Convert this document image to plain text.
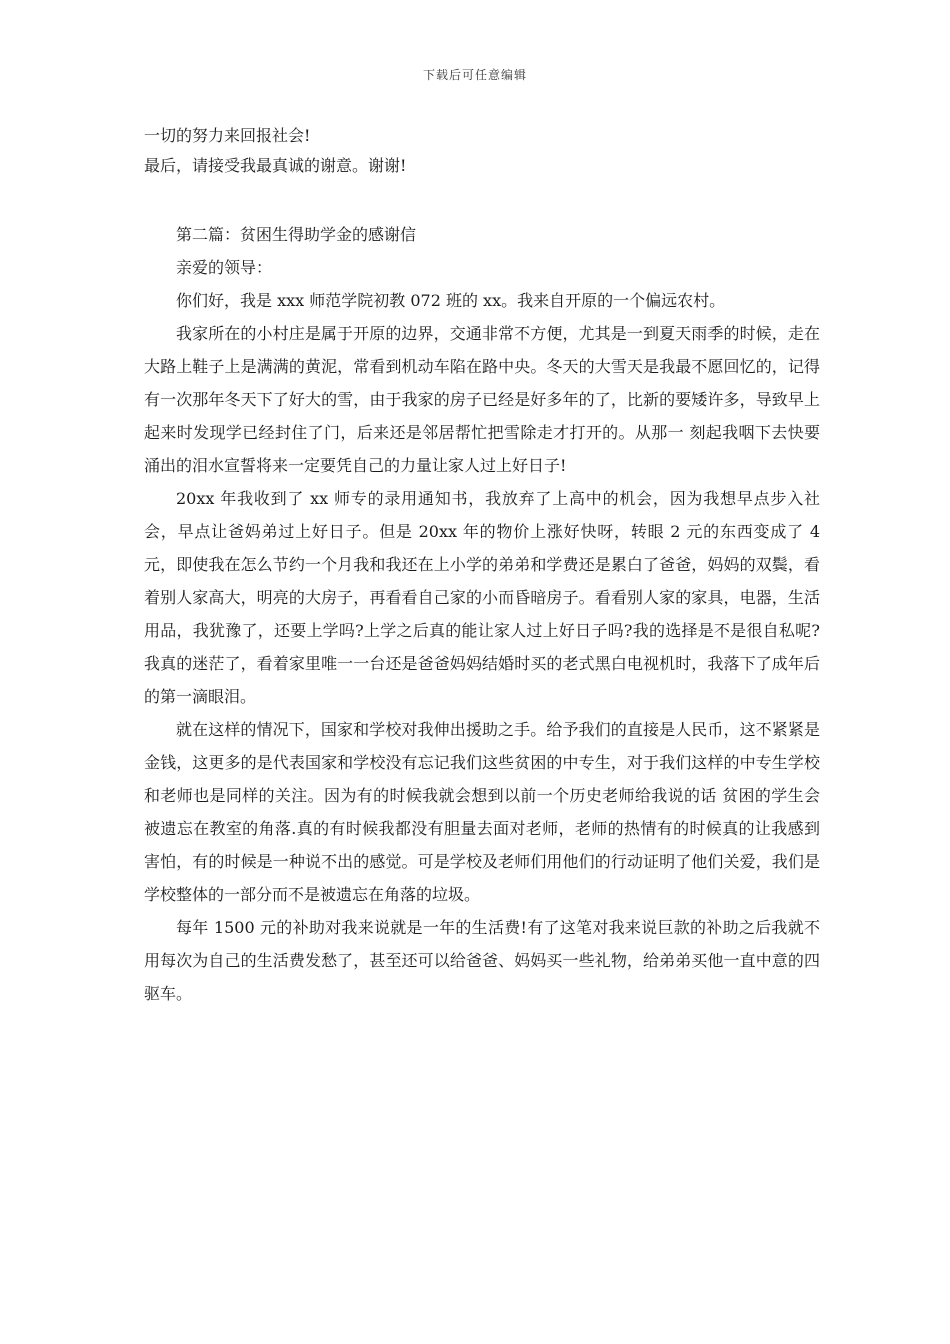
下载后可任意编辑

一切的努力来回报社会!

最后，请接受我最真诚的谢意。谢谢!

第二篇：贫困生得助学金的感谢信

亲爱的领导：

你们好，我是 xxx 师范学院初教 072 班的 xx。我来自开原的一个偏远农村。

我家所在的小村庄是属于开原的边界，交通非常不方便，尤其是一到夏天雨季的时候，走在大路上鞋子上是满满的黄泥，常看到机动车陷在路中央。冬天的大雪天是我最不愿回忆的，记得有一次那年冬天下了好大的雪，由于我家的房子已经是好多年的了，比新的要矮许多，导致早上起来时发现学已经封住了门，后来还是邻居帮忙把雪除走才打开的。从那一 刻起我咽下去快要涌出的泪水宣誓将来一定要凭自己的力量让家人过上好日子!

20xx 年我收到了 xx 师专的录用通知书，我放弃了上高中的机会，因为我想早点步入社会，早点让爸妈弟过上好日子。但是 20xx 年的物价上涨好快呀，转眼 2 元的东西变成了 4 元，即使我在怎么节约一个月我和我还在上小学的弟弟和学费还是累白了爸爸，妈妈的双鬓，看着别人家高大，明亮的大房子，再看看自己家的小而昏暗房子。看看别人家的家具，电器，生活用品，我犹豫了，还要上学吗?上学之后真的能让家人过上好日子吗?我的选择是不是很自私呢?我真的迷茫了，看着家里唯一一台还是爸爸妈妈结婚时买的老式黑白电视机时，我落下了成年后的第一滴眼泪。

就在这样的情况下，国家和学校对我伸出援助之手。给予我们的直接是人民币，这不紧紧是金钱，这更多的是代表国家和学校没有忘记我们这些贫困的中专生，对于我们这样的中专生学校和老师也是同样的关注。因为有的时候我就会想到以前一个历史老师给我说的话 贫困的学生会被遗忘在教室的角落.真的有时候我都没有胆量去面对老师，老师的热情有的时候真的让我感到害怕，有的时候是一种说不出的感觉。可是学校及老师们用他们的行动证明了他们关爱，我们是学校整体的一部分而不是被遗忘在角落的垃圾。

每年 1500 元的补助对我来说就是一年的生活费!有了这笔对我来说巨款的补助之后我就不用每次为自己的生活费发愁了，甚至还可以给爸爸、妈妈买一些礼物，给弟弟买他一直中意的四驱车。
